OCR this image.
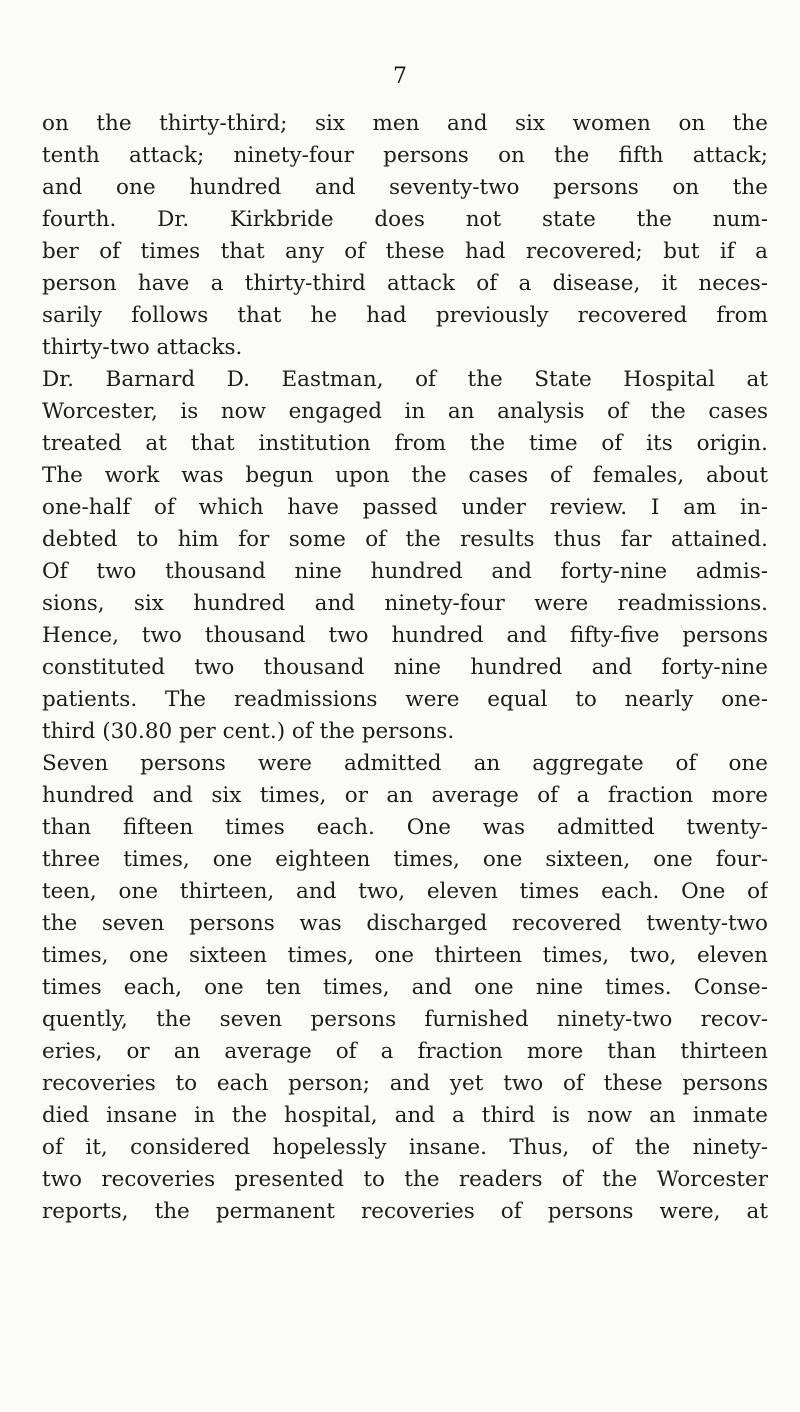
7
on the thirty-third; six men and six women on the
tenth attack; ninety-four persons on the fifth attack;
and one hundred and seventy-two persons on the
fourth. Dr. Kirkbride does not state the num-
ber of times that any of these had recovered; but if a
person have a thirty-third attack of a disease, it neces-
sarily follows that he had previously recovered from
thirty-two attacks.
Dr. Barnard D. Eastman, of the State Hospital at
Worcester, is now engaged in an analysis of the cases
treated at that institution from the time of its origin.
The work was begun upon the cases of females, about
one-half of which have passed under review. I am in-
debted to him for some of the results thus far attained.
Of two thousand nine hundred and forty-nine admis-
sions, six hundred and ninety-four were readmissions.
Hence, two thousand two hundred and fifty-five persons
constituted two thousand nine hundred and forty-nine
patients. The readmissions were equal to nearly one-
third (30.80 per cent.) of the persons.
Seven persons were admitted an aggregate of one
hundred and six times, or an average of a fraction more
than fifteen times each. One was admitted twenty-
three times, one eighteen times, one sixteen, one four-
teen, one thirteen, and two, eleven times each. One of
the seven persons was discharged recovered twenty-two
times, one sixteen times, one thirteen times, two, eleven
times each, one ten times, and one nine times. Conse-
quently, the seven persons furnished ninety-two recov-
eries, or an average of a fraction more than thirteen
recoveries to each person; and yet two of these persons
died insane in the hospital, and a third is now an inmate
of it, considered hopelessly insane. Thus, of the ninety-
two recoveries presented to the readers of the Worcester
reports, the permanent recoveries of persons were, at
